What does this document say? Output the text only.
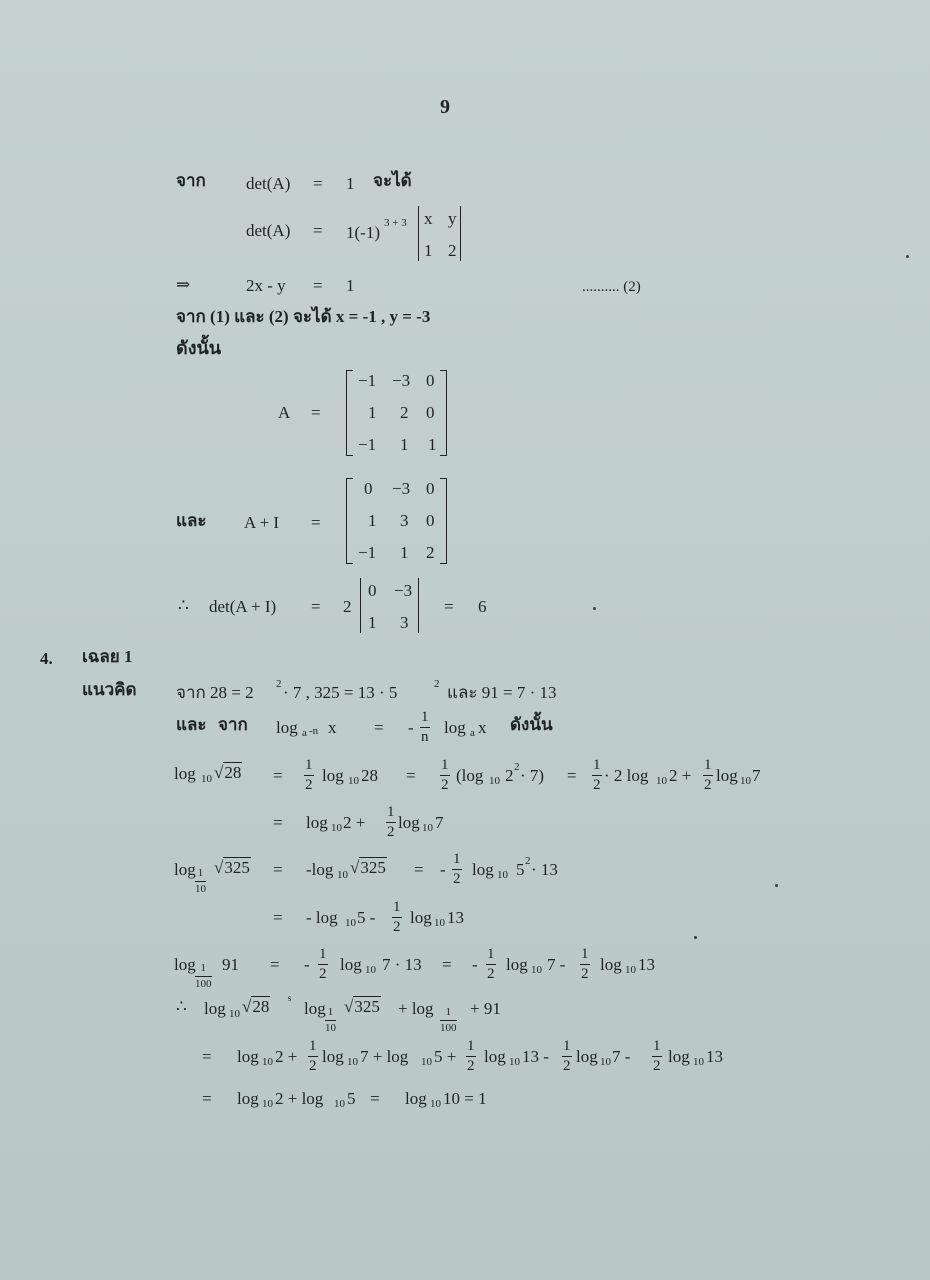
9
จาก det(A) = 1 จะได้
det(A) = 1(-1) 3 + 3 x y
1 2
⇒	2x - y = 1	.......... (2)
จาก (1) และ (2) จะได้ x = -1 , y = -3
ดังนั้น
A =
−1 −3 0
1 2 0
−1 1 1
และ A + I =
0 −3 0
1 3 0
−1 1 2
∴ det(A + I) = 2
0 −3
1 3
= 6
4. เฉลย 1
แนวคิด จาก 28 = 2 2 · 7 , 325 = 13 · 5	2 และ 91 = 7 · 13
และ จาก log a -n x = - $\frac{1}{n}$ log a x ดังนั้น
log 10 $√28 = \frac{1}{2}$ log 10 $28 = \frac{1}{2} (\log$ 10 2 $2 \cdot 7) = \frac{1}{2} \cdot 2$ log 10 $2 + \frac{1}{2}$ log 10 7
= log 10 $2 + \frac{1}{2}$ log 10 7
$\log \frac{1}{10}$
√325 = -log 10 √325 = - $\frac{1}{2}$ log 10 5 2 · 13
= - log 10 $5 - \frac{1}{2}$ log 10 13
$\log \frac{1}{100} 91$ = - $\frac{1}{2}$ log 10 7 · 13 = - $\frac{1}{2}$ log 10 $7 - \frac{1}{2}$ log 10 13
∴ log 10 √28 ˢ $\log \frac{1}{10}$
$√325 + \log \frac{1}{100} + 91$
= log 10 $2 + \frac{1}{2}$ log 10 7 + log 10 $5 + \frac{1}{2}$ log 10 $13 - \frac{1}{2}$ log 10 $7 - \frac{1}{2}$ log 10 13
= log 10 2 + log 10 5 = log 10 10 = 1
